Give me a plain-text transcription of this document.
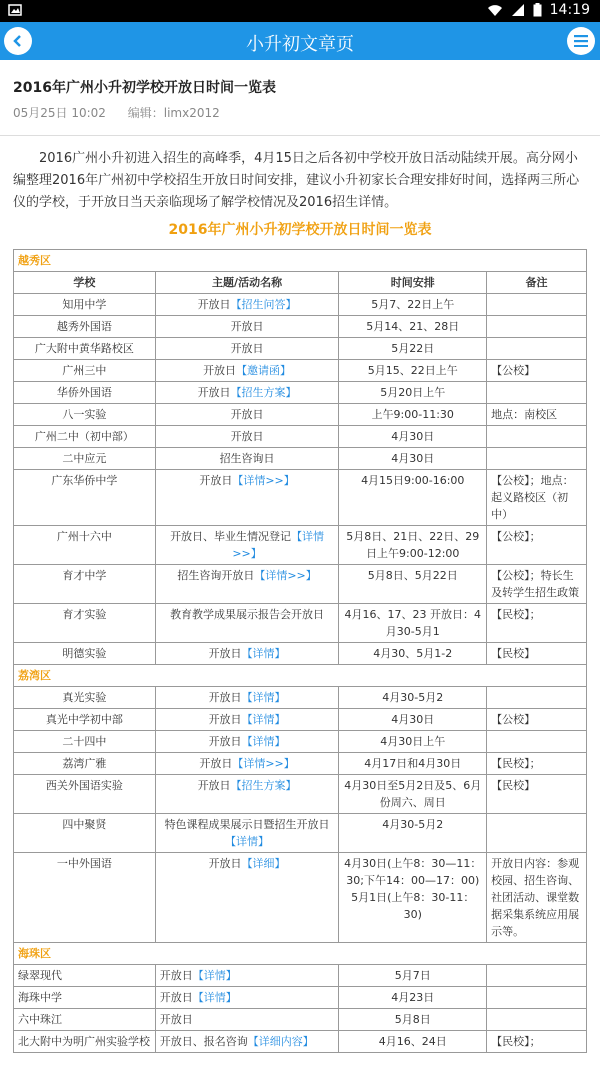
14:19
小升初文章页
2016年广州小升初学校开放日时间一览表
05月25日 10:02 编辑：limx2012

2016广州小升初进入招生的高峰季，4月15日之后各初中学校开放日活动陆续开展。高分网小编整理2016年广州初中学校招生开放日时间安排，建议小升初家长合理安排好时间，选择两三所心仪的学校，于开放日当天亲临现场了解学校情况及2016招生详情。

2016年广州小升初学校开放日时间一览表
越秀区			
学校	主题/活动名称	时间安排	备注
知用中学	开放日【招生问答】	5月7、22日上午	
越秀外国语	开放日	5月14、21、28日	
广大附中黄华路校区	开放日	5月22日	
广州三中	开放日【邀请函】	5月15、22日上午	【公校】
华侨外国语	开放日【招生方案】	5月20日上午	
八一实验	开放日	上午9:00-11:30	地点：南校区
广州二中（初中部）	开放日	4月30日	
二中应元	招生咨询日	4月30日	
广东华侨中学	开放日【详情>>】	4月15日9:00-16:00	【公校】；地点：起义路校区（初中）
广州十六中	开放日、毕业生情况登记【详情>>】	5月8日、21日、22日、29日上午9:00-12:00	【公校】；
育才中学	招生咨询开放日【详情>>】	5月8日、5月22日	【公校】；特长生及转学生招生政策
育才实验	教育教学成果展示报告会开放日	4月16、17、23 开放日：4月30-5月1	【民校】；
明德实验	开放日【详情】	4月30、5月1-2	【民校】
荔湾区			
真光实验	开放日【详情】	4月30-5月2	
真光中学初中部	开放日【详情】	4月30日	【公校】
二十四中	开放日【详情】	4月30日上午	
荔湾广雅	开放日【详情>>】	4月17日和4月30日	【民校】；
西关外国语实验	开放日【招生方案】	4月30日至5月2日及5、6月份周六、周日	【民校】
四中聚贤	特色课程成果展示日暨招生开放日【详情】	4月30-5月2	
一中外国语	开放日【详细】	4月30日(上午8：30—11：30;下午14：00—17：00) 5月1日(上午8：30-11：30)	开放日内容：参观校园、招生咨询、社团活动、课堂数据采集系统应用展示等。
海珠区			
绿翠现代	开放日【详情】	5月7日	
海珠中学	开放日【详情】	4月23日	
六中珠江	开放日	5月8日	
北大附中为明广州实验学校	开放日、报名咨询【详细内容】	4月16、24日	【民校】；
